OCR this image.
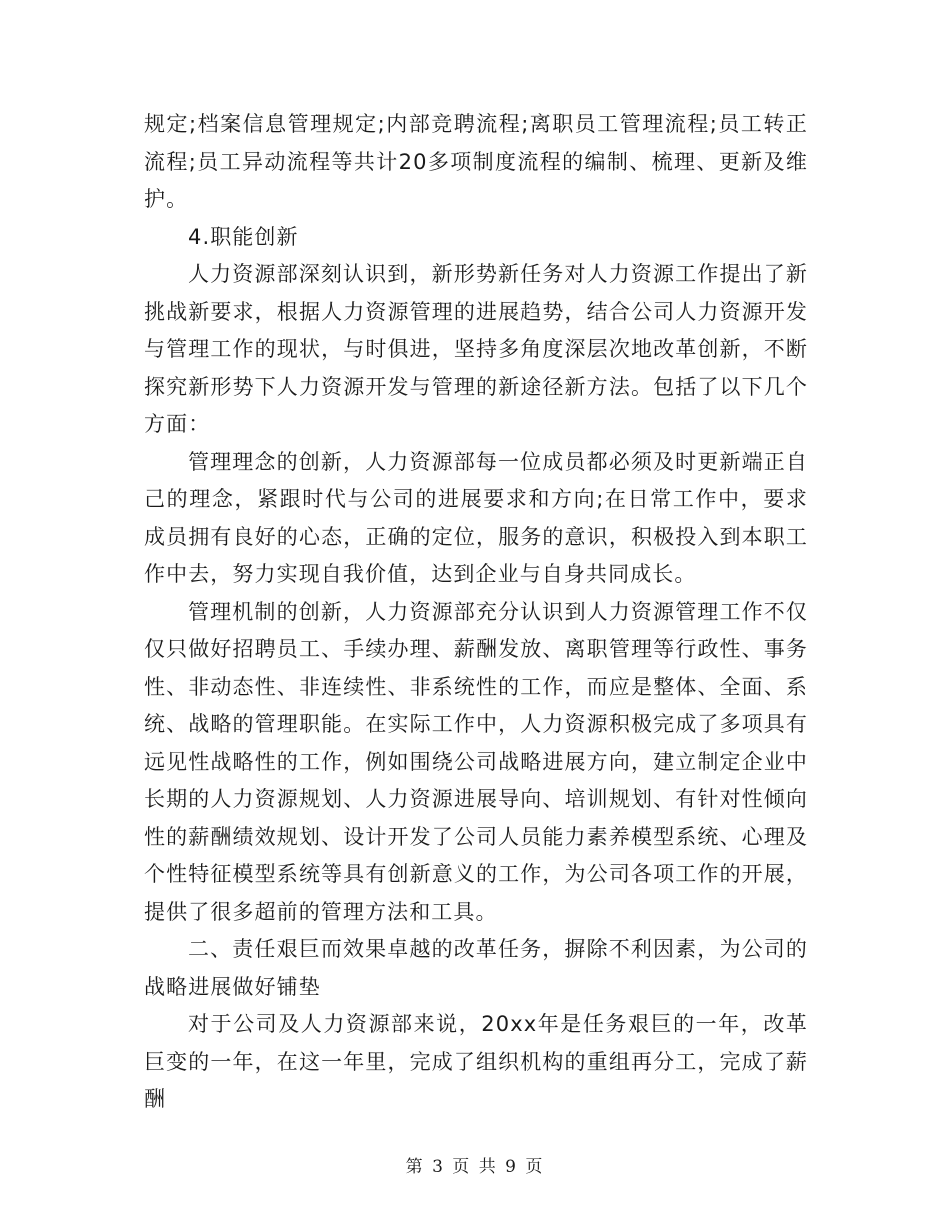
规定;档案信息管理规定;内部竞聘流程;离职员工管理流程;员工转正流程;员工异动流程等共计20多项制度流程的编制、梳理、更新及维护。

4.职能创新

人力资源部深刻认识到，新形势新任务对人力资源工作提出了新挑战新要求，根据人力资源管理的进展趋势，结合公司人力资源开发与管理工作的现状，与时俱进，坚持多角度深层次地改革创新，不断探究新形势下人力资源开发与管理的新途径新方法。包括了以下几个方面：

管理理念的创新，人力资源部每一位成员都必须及时更新端正自己的理念，紧跟时代与公司的进展要求和方向;在日常工作中，要求成员拥有良好的心态，正确的定位，服务的意识，积极投入到本职工作中去，努力实现自我价值，达到企业与自身共同成长。

管理机制的创新，人力资源部充分认识到人力资源管理工作不仅仅只做好招聘员工、手续办理、薪酬发放、离职管理等行政性、事务性、非动态性、非连续性、非系统性的工作，而应是整体、全面、系统、战略的管理职能。在实际工作中，人力资源积极完成了多项具有远见性战略性的工作，例如围绕公司战略进展方向，建立制定企业中长期的人力资源规划、人力资源进展导向、培训规划、有针对性倾向性的薪酬绩效规划、设计开发了公司人员能力素养模型系统、心理及个性特征模型系统等具有创新意义的工作，为公司各项工作的开展，提供了很多超前的管理方法和工具。

二、责任艰巨而效果卓越的改革任务，摒除不利因素，为公司的战略进展做好铺垫

对于公司及人力资源部来说，20xx年是任务艰巨的一年，改革巨变的一年，在这一年里，完成了组织机构的重组再分工，完成了薪酬

第 3 页 共 9 页
